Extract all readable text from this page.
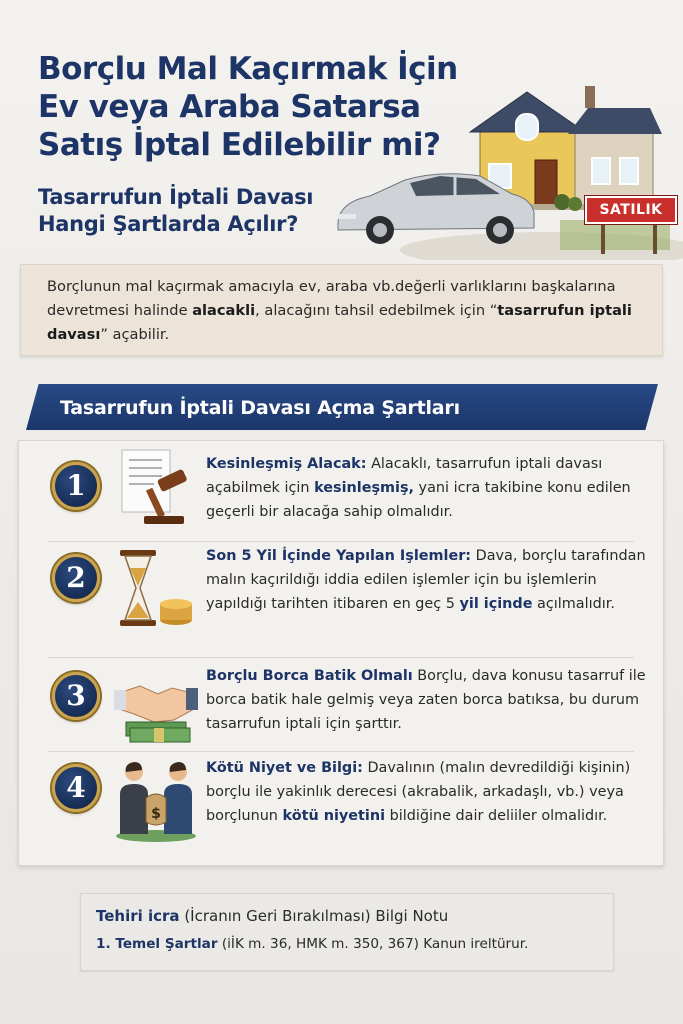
Borçlu Mal Kaçırmak İçin
Ev veya Araba Satarsa
Satış İptal Edilebilir mi?
Tasarrufun İptali Davası
Hangi Şartlarda Açılır?
SATILIK
Borçlunun mal kaçırmak amacıyla ev, araba vb.değerli varlıklarını başkalarına devretmesi halinde alacakli, alacağını tahsil edebilmek için “tasarrufun iptali davası” açabilir.
Tasarrufun İptali Davası Açma Şartları
1
Kesinleşmiş Alacak: Alacaklı, tasarrufun iptali davası açabilmek için kesinleşmiş, yani icra takibine konu edilen geçerli bir alacağa sahip olmalıdır.
2
Son 5 Yil İçinde Yapılan Işlemler: Dava, borçlu tarafından malın kaçırildığı iddia edilen işlemler için bu işlemlerin yapıldığı tarihten itibaren en geç 5 yil içinde açılmalıdır.
3
Borçlu Borca Batik Olmalı Borçlu, dava konusu tasarruf ile borca batik hale gelmiş veya zaten borca batıksa, bu durum tasarrufun iptali için şarttır.
4
$
Kötü Niyet ve Bilgi: Davalının (malın devredildiği kişinin) borçlu ile yakinlık derecesi (akrabalik, arkadaşlı, vb.) veya borçlunun kötü niyetini bildiğine dair deliiler olmalidır.
Tehiri icra (İcranın Geri Bırakılması) Bilgi Notu
1. Temel Şartlar (iİK m. 36, HMK m. 350, 367) Kanun ireltürur.
